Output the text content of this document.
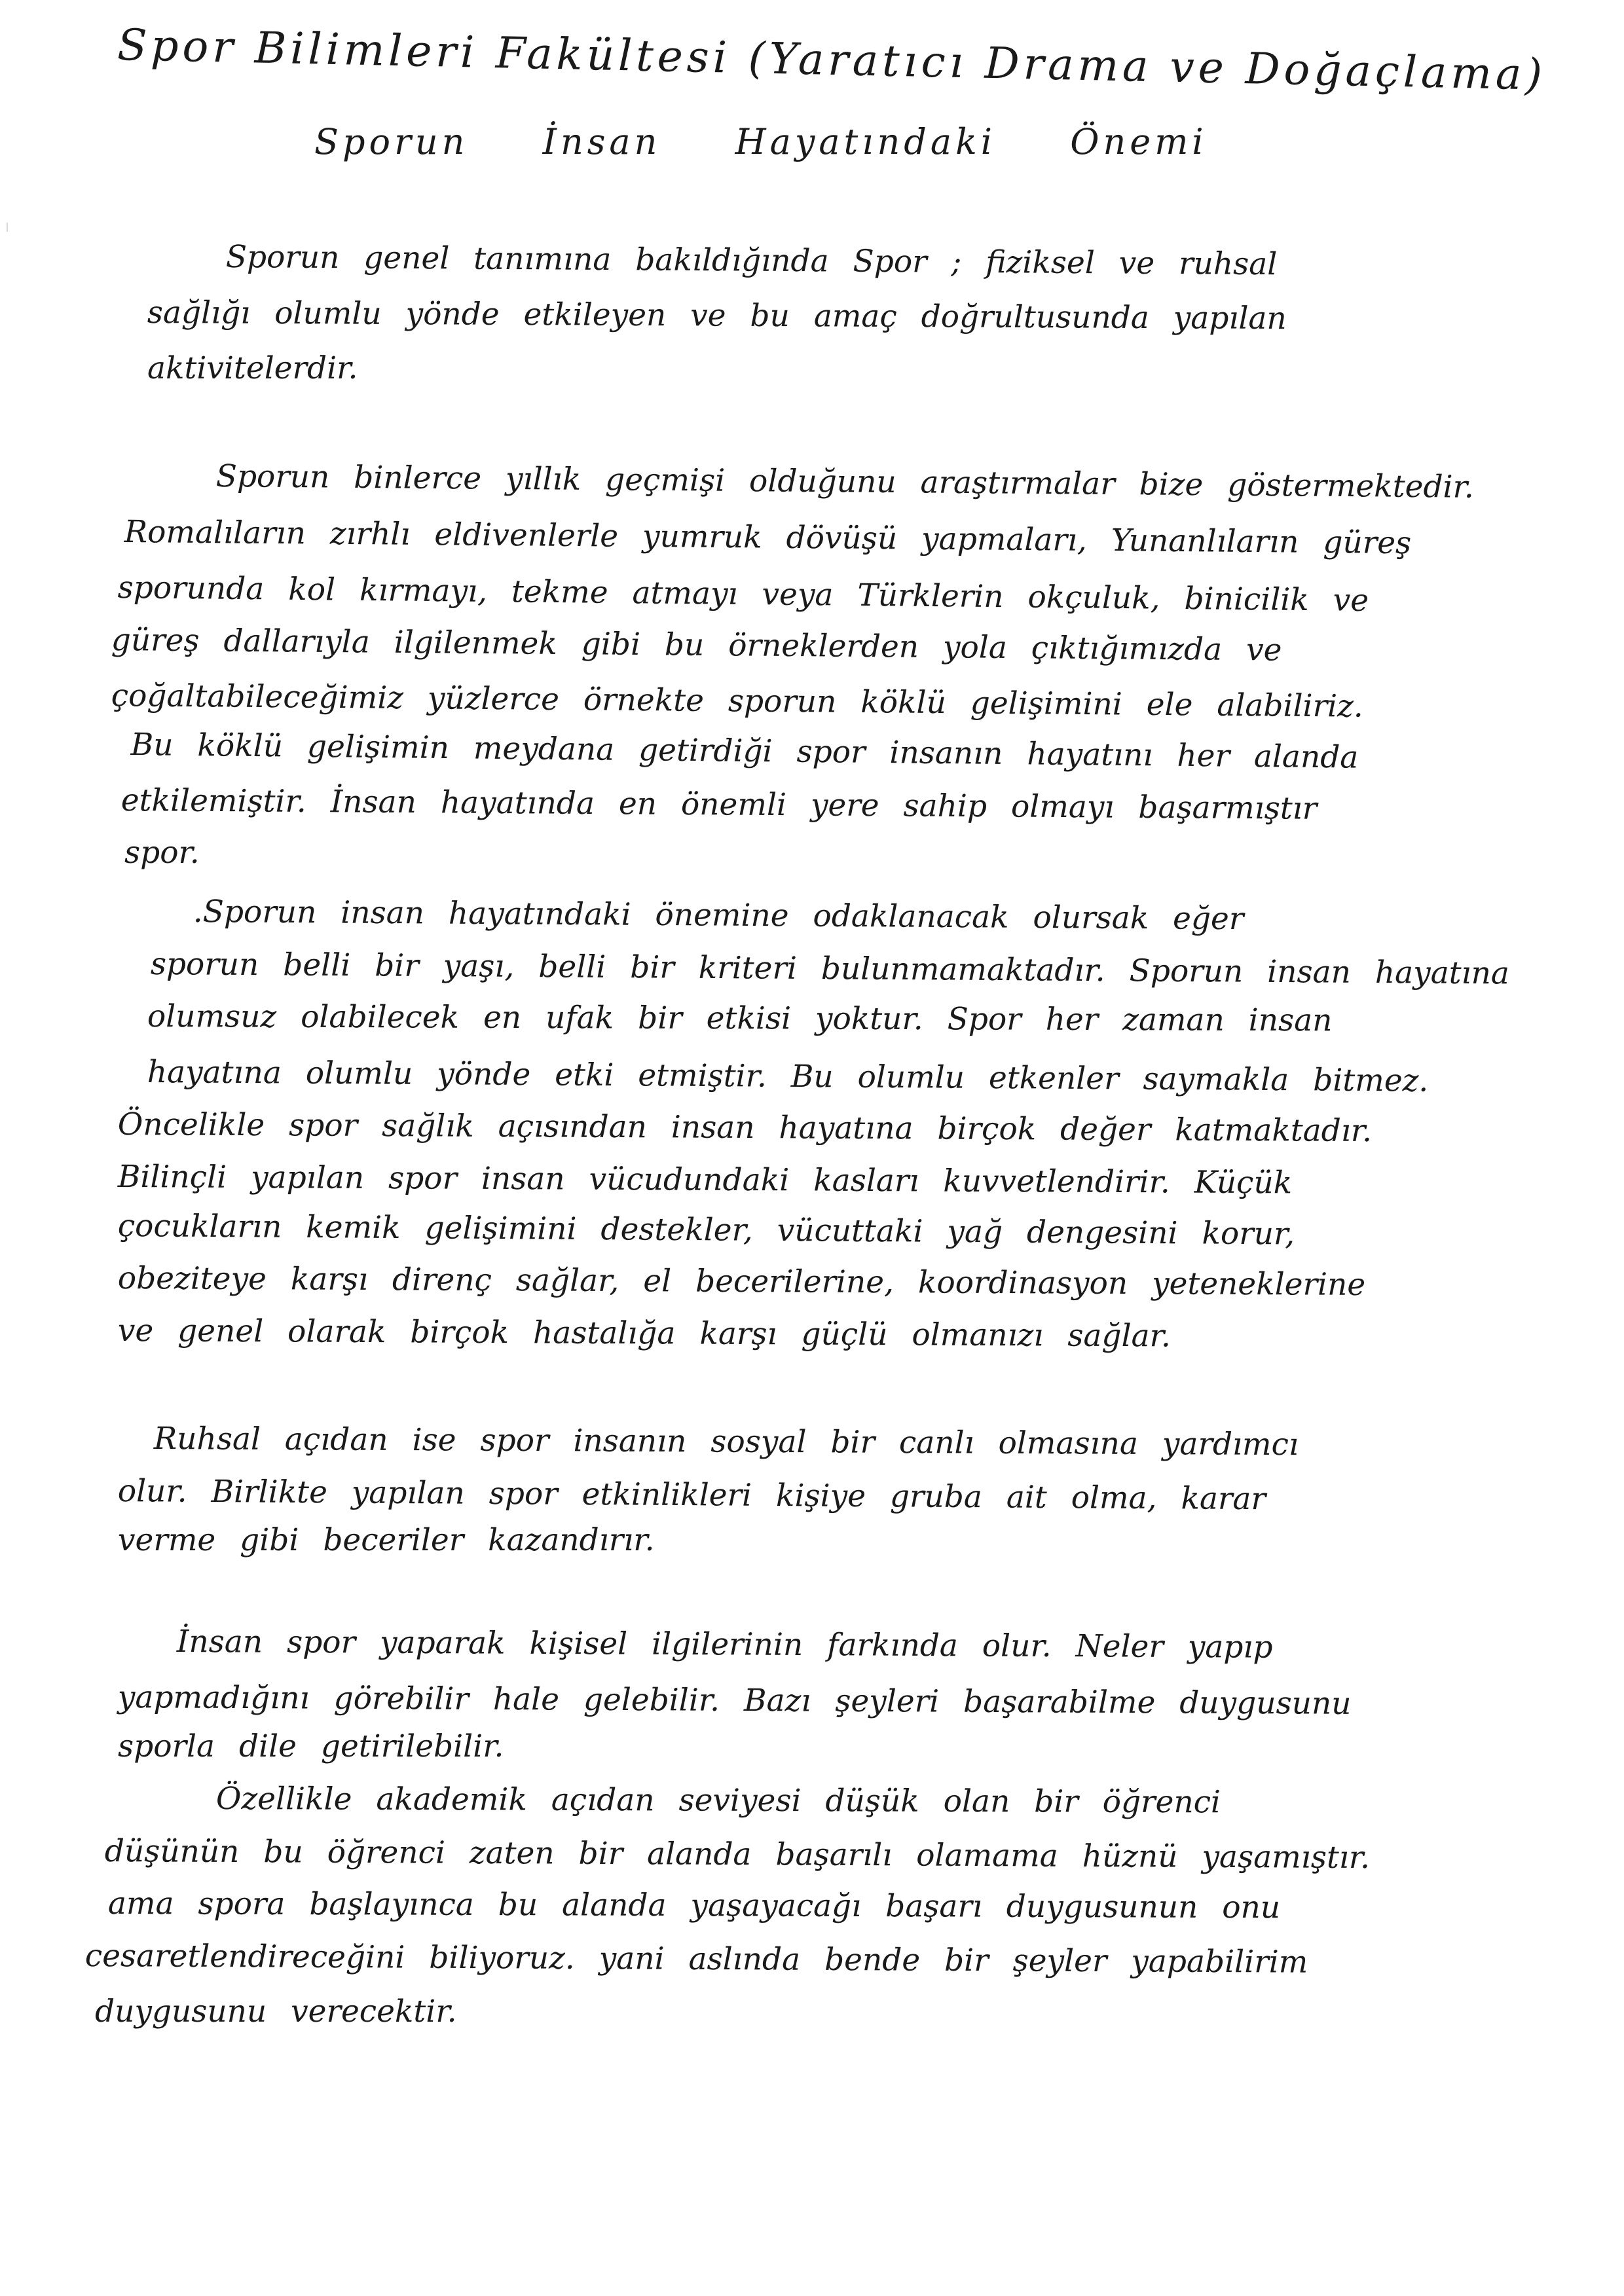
Spor Bilimleri Fakültesi (Yaratıcı Drama ve Doğaçlama)
Sporun İnsan Hayatındaki Önemi
Sporun genel tanımına bakıldığında Spor ; fiziksel ve ruhsal
sağlığı olumlu yönde etkileyen ve bu amaç doğrultusunda yapılan
aktivitelerdir.
Sporun binlerce yıllık geçmişi olduğunu araştırmalar bize göstermektedir.
Romalıların zırhlı eldivenlerle yumruk dövüşü yapmaları, Yunanlıların güreş
sporunda kol kırmayı, tekme atmayı veya Türklerin okçuluk, binicilik ve
güreş dallarıyla ilgilenmek gibi bu örneklerden yola çıktığımızda ve
çoğaltabileceğimiz yüzlerce örnekte sporun köklü gelişimini ele alabiliriz.
Bu köklü gelişimin meydana getirdiği spor insanın hayatını her alanda
etkilemiştir. İnsan hayatında en önemli yere sahip olmayı başarmıştır
spor.
.Sporun insan hayatındaki önemine odaklanacak olursak eğer
sporun belli bir yaşı, belli bir kriteri bulunmamaktadır. Sporun insan hayatına
olumsuz olabilecek en ufak bir etkisi yoktur. Spor her zaman insan
hayatına olumlu yönde etki etmiştir. Bu olumlu etkenler saymakla bitmez.
Öncelikle spor sağlık açısından insan hayatına birçok değer katmaktadır.
Bilinçli yapılan spor insan vücudundaki kasları kuvvetlendirir. Küçük
çocukların kemik gelişimini destekler, vücuttaki yağ dengesini korur,
obeziteye karşı direnç sağlar, el becerilerine, koordinasyon yeteneklerine
ve genel olarak birçok hastalığa karşı güçlü olmanızı sağlar.
Ruhsal açıdan ise spor insanın sosyal bir canlı olmasına yardımcı
olur. Birlikte yapılan spor etkinlikleri kişiye gruba ait olma, karar
verme gibi beceriler kazandırır.
İnsan spor yaparak kişisel ilgilerinin farkında olur. Neler yapıp
yapmadığını görebilir hale gelebilir. Bazı şeyleri başarabilme duygusunu
sporla dile getirilebilir.
Özellikle akademik açıdan seviyesi düşük olan bir öğrenci
düşünün bu öğrenci zaten bir alanda başarılı olamama hüznü yaşamıştır.
ama spora başlayınca bu alanda yaşayacağı başarı duygusunun onu
cesaretlendireceğini biliyoruz. yani aslında bende bir şeyler yapabilirim
duygusunu verecektir.
